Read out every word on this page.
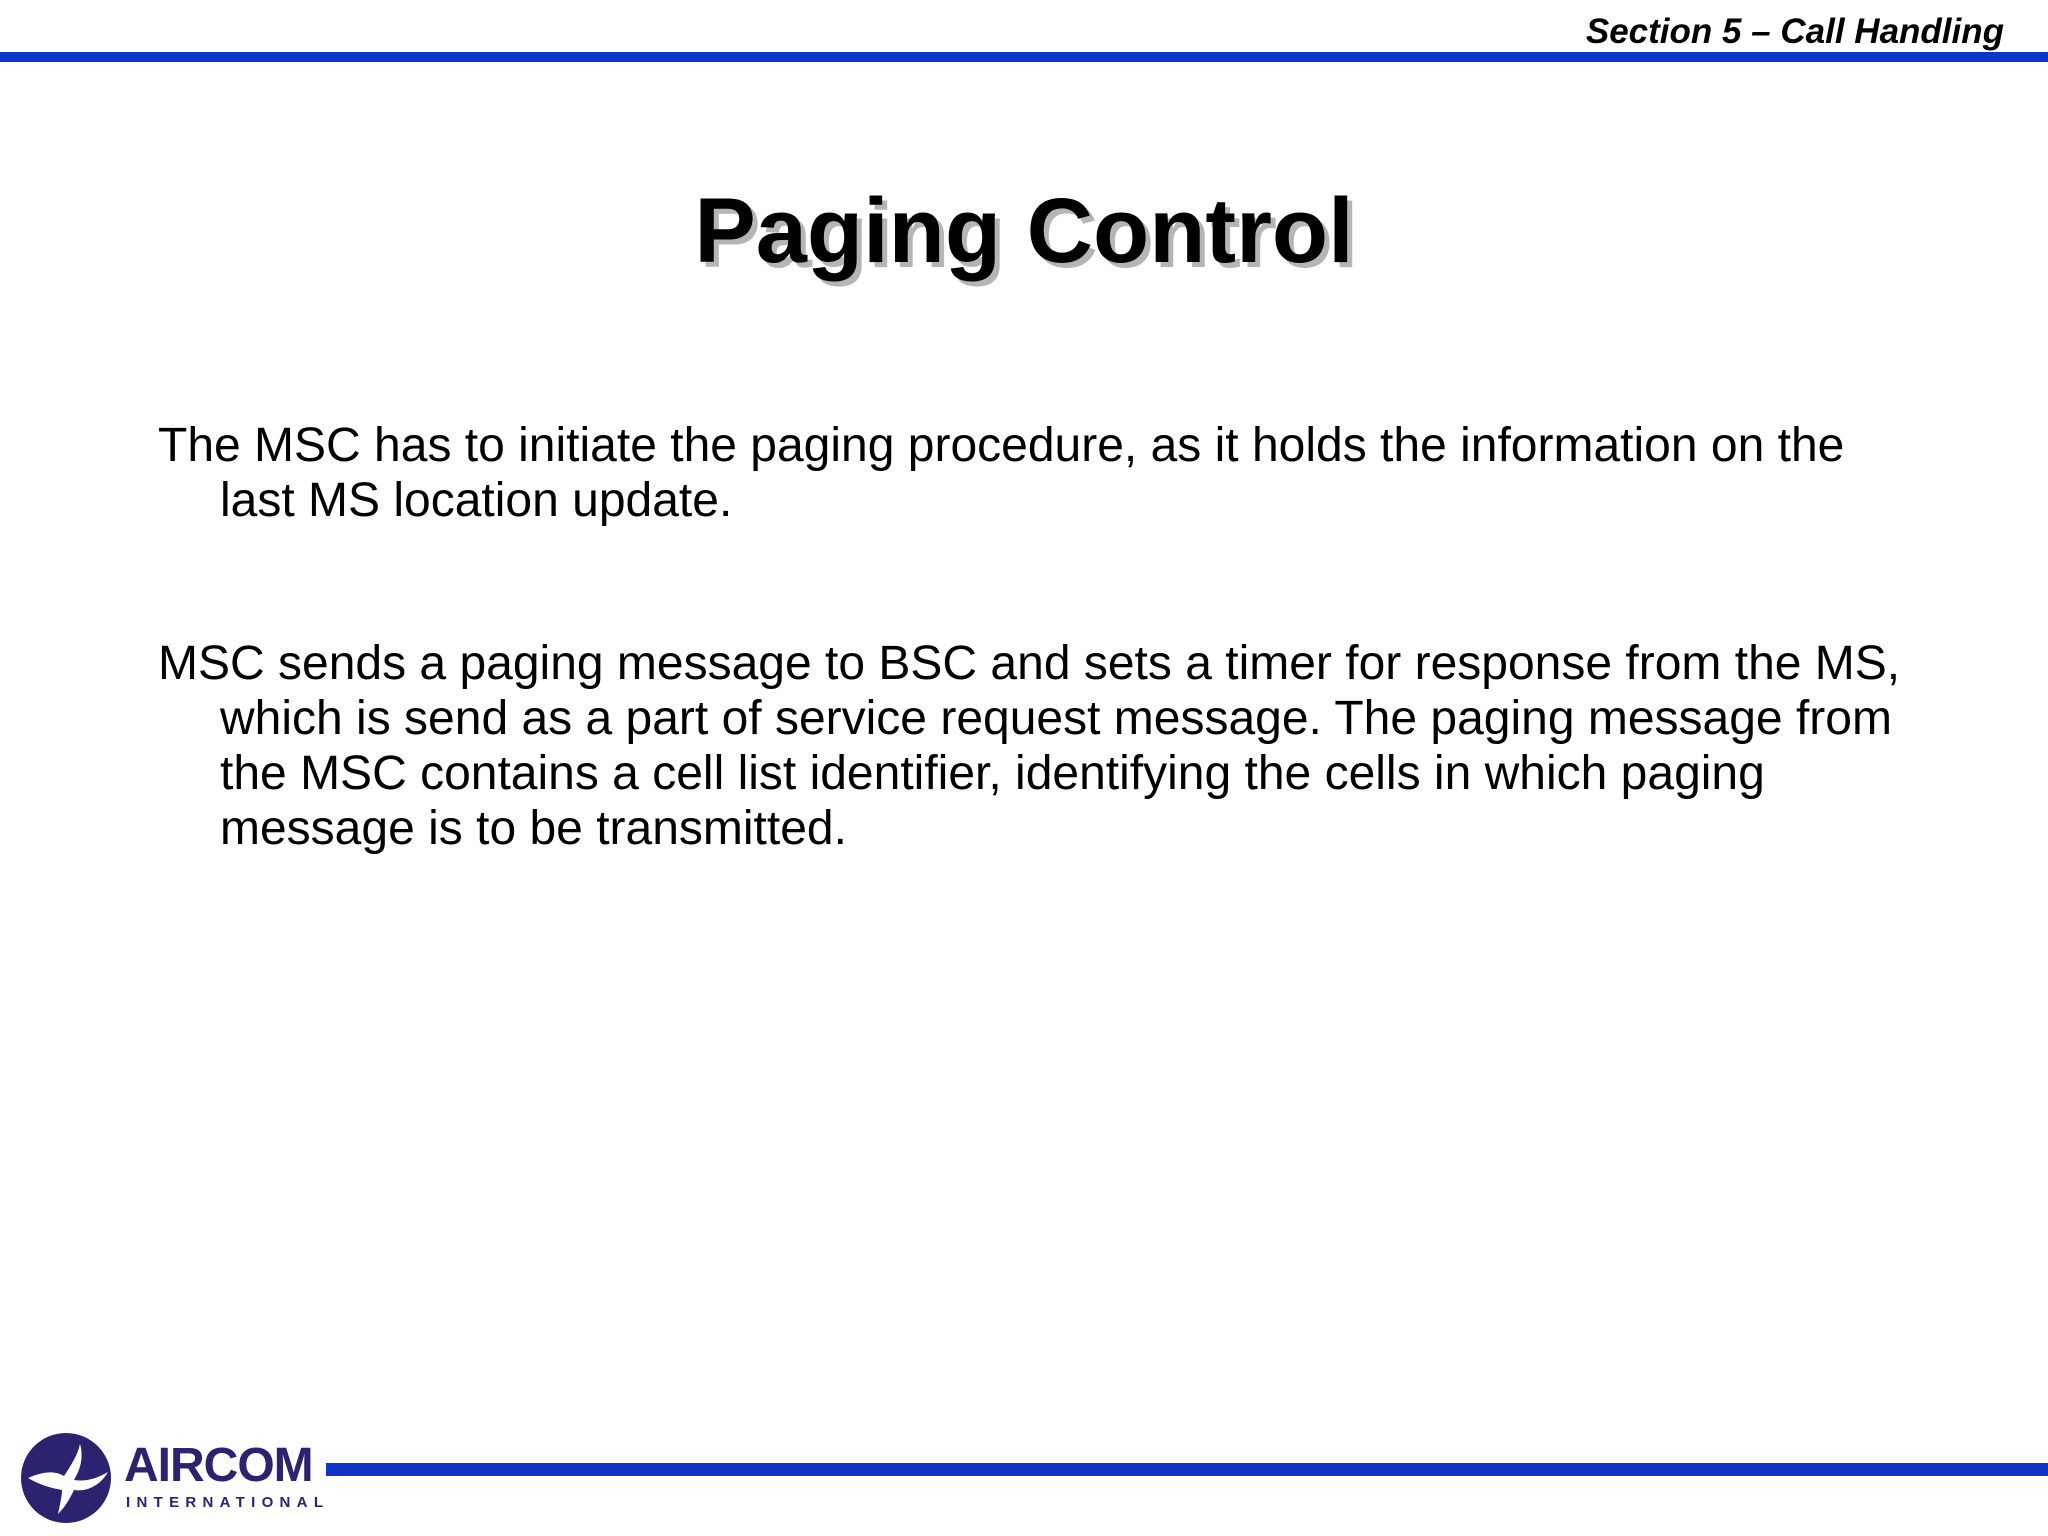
Section 5 – Call Handling
Paging Control

The MSC has to initiate the paging procedure, as it holds the information on the last MS location update.

MSC sends a paging message to BSC and sets a timer for response from the MS, which is send as a part of service request message. The paging message from the MSC contains a cell list identifier, identifying the cells in which paging message is to be transmitted.

AIRCOM
INTERNATIONAL
